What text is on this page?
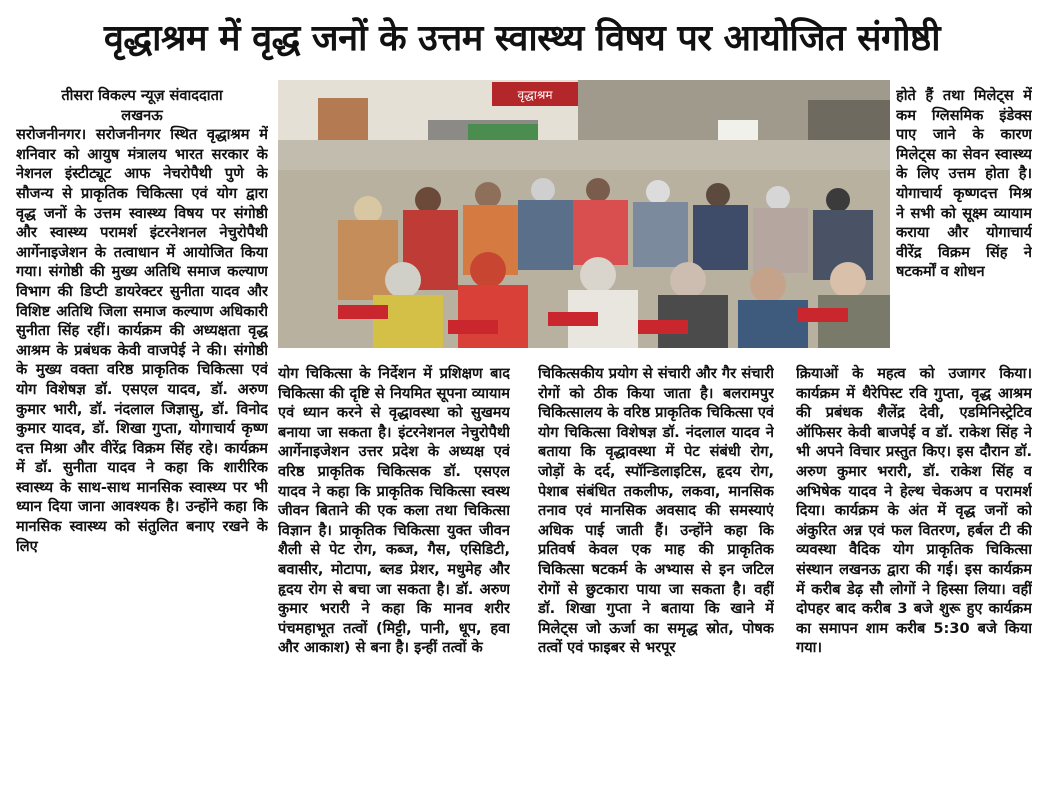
वृद्धाश्रम में वृद्ध जनों के उत्तम स्वास्थ्य विषय पर आयोजित संगोष्ठी

तीसरा विकल्प न्यूज़ संवाददाता

लखनऊ

सरोजनीनगर। सरोजनीनगर स्थित वृद्धाश्रम में शनिवार को आयुष मंत्रालय भारत सरकार के नेशनल इंस्टीट्यूट आफ नेचरोपैथी पुणे के सौजन्य से प्राकृतिक चिकित्सा एवं योग द्वारा वृद्ध जनों के उत्तम स्वास्थ्य विषय पर संगोष्ठी और स्वास्थ्य परामर्श इंटरनेशनल नेचुरोपैथी आर्गेनाइजेशन के तत्वाधान में आयोजित किया गया। संगोष्ठी की मुख्य अतिथि समाज कल्याण विभाग की डिप्टी डायरेक्टर सुनीता यादव और विशिष्ट अतिथि जिला समाज कल्याण अधिकारी सुनीता सिंह रहीं। कार्यक्रम की अध्यक्षता वृद्ध आश्रम के प्रबंधक केवी वाजपेई ने की। संगोष्ठी के मुख्य वक्ता वरिष्ठ प्राकृतिक चिकित्सा एवं योग विशेषज्ञ डॉ. एसएल यादव, डॉ. अरुण कुमार भारी, डॉ. नंदलाल जिज्ञासु, डॉ. विनोद कुमार यादव, डॉ. शिखा गुप्ता, योगाचार्य कृष्ण दत्त मिश्रा और वीरेंद्र विक्रम सिंह रहे। कार्यक्रम में डॉ. सुनीता यादव ने कहा कि शारीरिक स्वास्थ्य के साथ-साथ मानसिक स्वास्थ्य पर भी ध्यान दिया जाना आवश्यक है। उन्होंने कहा कि मानसिक स्वास्थ्य को संतुलित बनाए रखने के लिए

वृद्धाश्रम

योग चिकित्सा के निर्देशन में प्रशिक्षण बाद चिकित्सा की दृष्टि से नियमित सूपना व्यायाम एवं ध्यान करने से वृद्धावस्था को सुखमय बनाया जा सकता है। इंटरनेशनल नेचुरोपैथी आर्गेनाइजेशन उत्तर प्रदेश के अध्यक्ष एवं वरिष्ठ प्राकृतिक चिकित्सक डॉ. एसएल यादव ने कहा कि प्राकृतिक चिकित्सा स्वस्थ जीवन बिताने की एक कला तथा चिकित्सा विज्ञान है। प्राकृतिक चिकित्सा युक्त जीवन शैली से पेट रोग, कब्ज, गैस, एसिडिटी, बवासीर, मोटापा, ब्लड प्रेशर, मधुमेह और हृदय रोग से बचा जा सकता है। डॉ. अरुण कुमार भरारी ने कहा कि मानव शरीर पंचमहाभूत तत्वों (मिट्टी, पानी, धूप, हवा और आकाश) से बना है। इन्हीं तत्वों के

चिकित्सकीय प्रयोग से संचारी और गैर संचारी रोगों को ठीक किया जाता है। बलरामपुर चिकित्सालय के वरिष्ठ प्राकृतिक चिकित्सा एवं योग चिकित्सा विशेषज्ञ डॉ. नंदलाल यादव ने बताया कि वृद्धावस्था में पेट संबंधी रोग, जोड़ों के दर्द, स्पॉन्डिलाइटिस, हृदय रोग, पेशाब संबंधित तकलीफ, लकवा, मानसिक तनाव एवं मानसिक अवसाद की समस्याएं अधिक पाई जाती हैं। उन्होंने कहा कि प्रतिवर्ष केवल एक माह की प्राकृतिक चिकित्सा षटकर्म के अभ्यास से इन जटिल रोगों से छुटकारा पाया जा सकता है। वहीं डॉ. शिखा गुप्ता ने बताया कि खाने में मिलेट्स जो ऊर्जा का समृद्ध स्रोत, पोषक तत्वों एवं फाइबर से भरपूर

होते हैं तथा मिलेट्स में कम ग्लिसमिक इंडेक्स पाए जाने के कारण मिलेट्स का सेवन स्वास्थ्य के लिए उत्तम होता है। योगाचार्य कृष्णदत्त मिश्र ने सभी को सूक्ष्म व्यायाम कराया और योगाचार्य वीरेंद्र विक्रम सिंह ने षटकर्मों व शोधन

क्रियाओं के महत्व को उजागर किया। कार्यक्रम में थैरेपिस्ट रवि गुप्ता, वृद्ध आश्रम की प्रबंधक शैलेंद्र देवी, एडमिनिस्ट्रेटिव ऑफिसर केवी बाजपेई व डॉ. राकेश सिंह ने भी अपने विचार प्रस्तुत किए। इस दौरान डॉ. अरुण कुमार भरारी, डॉ. राकेश सिंह व अभिषेक यादव ने हेल्थ चेकअप व परामर्श दिया। कार्यक्रम के अंत में वृद्ध जनों को अंकुरित अन्न एवं फल वितरण, हर्बल टी की व्यवस्था वैदिक योग प्राकृतिक चिकित्सा संस्थान लखनऊ द्वारा की गई। इस कार्यक्रम में करीब डेढ़ सौ लोगों ने हिस्सा लिया। वहीं दोपहर बाद करीब 3 बजे शुरू हुए कार्यक्रम का समापन शाम करीब 5:30 बजे किया गया।
